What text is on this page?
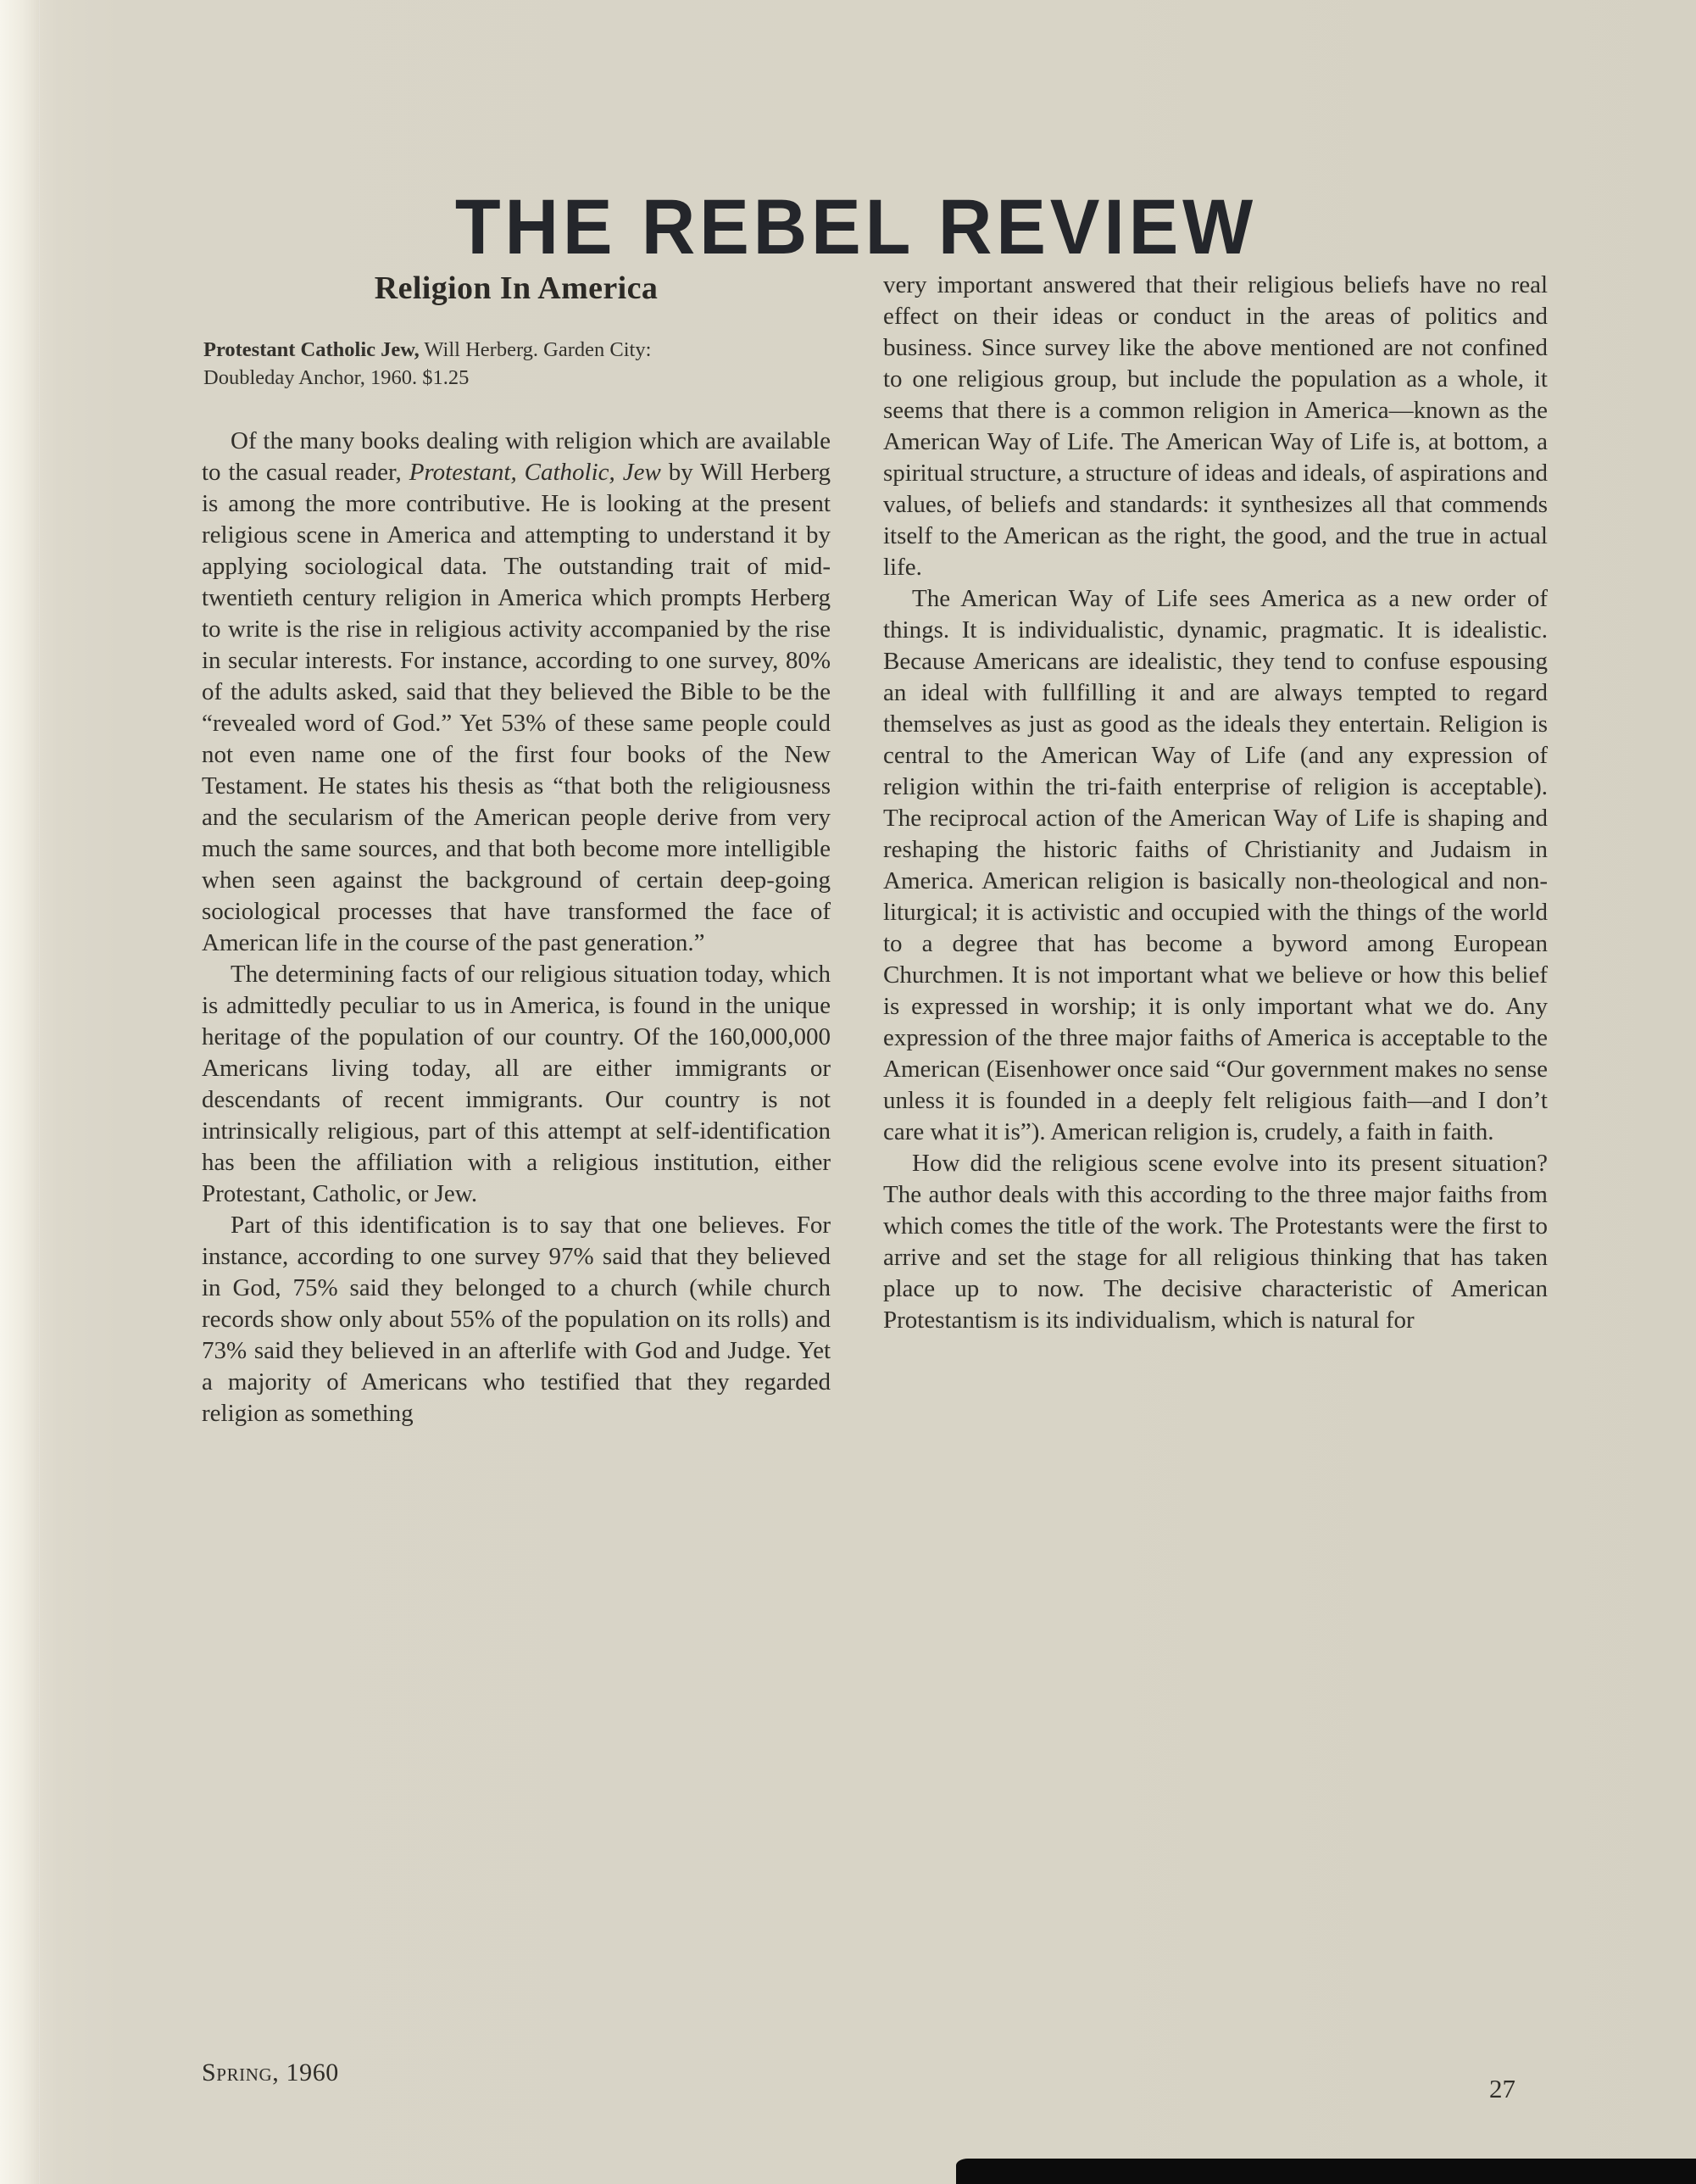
THE REBEL REVIEW
Religion In America
Protestant Catholic Jew, Will Herberg. Garden City:
Doubleday Anchor, 1960. $1.25

Of the many books dealing with religion which are available to the casual reader, Protestant, Catholic, Jew by Will Herberg is among the more contributive. He is looking at the present religious scene in America and attempting to understand it by applying sociological data. The outstanding trait of mid-twentieth century religion in America which prompts Herberg to write is the rise in religious activity accompanied by the rise in secular interests. For instance, according to one survey, 80% of the adults asked, said that they believed the Bible to be the “revealed word of God.” Yet 53% of these same people could not even name one of the first four books of the New Testament. He states his thesis as “that both the religiousness and the secularism of the American people derive from very much the same sources, and that both become more intelligible when seen against the background of certain deep-going sociological processes that have transformed the face of American life in the course of the past generation.”

The determining facts of our religious situation today, which is admittedly peculiar to us in America, is found in the unique heritage of the population of our country. Of the 160,000,000 Americans living today, all are either immigrants or descendants of recent immigrants. Our country is not intrinsically religious, part of this attempt at self-identification has been the affiliation with a religious institution, either Protestant, Catholic, or Jew.

Part of this identification is to say that one believes. For instance, according to one survey 97% said that they believed in God, 75% said they belonged to a church (while church records show only about 55% of the population on its rolls) and 73% said they believed in an afterlife with God and Judge. Yet a majority of Americans who testified that they regarded religion as something

very important answered that their religious beliefs have no real effect on their ideas or conduct in the areas of politics and business. Since survey like the above mentioned are not confined to one religious group, but include the population as a whole, it seems that there is a common religion in America—known as the American Way of Life. The American Way of Life is, at bottom, a spiritual structure, a structure of ideas and ideals, of aspirations and values, of beliefs and standards: it synthesizes all that commends itself to the American as the right, the good, and the true in actual life.

The American Way of Life sees America as a new order of things. It is individualistic, dynamic, pragmatic. It is idealistic. Because Americans are idealistic, they tend to confuse espousing an ideal with fullfilling it and are always tempted to regard themselves as just as good as the ideals they entertain. Religion is central to the American Way of Life (and any expression of religion within the tri-faith enterprise of religion is acceptable). The reciprocal action of the American Way of Life is shaping and reshaping the historic faiths of Christianity and Judaism in America. American religion is basically non-theological and non-liturgical; it is activistic and occupied with the things of the world to a degree that has become a byword among European Churchmen. It is not important what we believe or how this belief is expressed in worship; it is only important what we do. Any expression of the three major faiths of America is acceptable to the American (Eisenhower once said “Our government makes no sense unless it is founded in a deeply felt religious faith—and I don’t care what it is”). American religion is, crudely, a faith in faith.

How did the religious scene evolve into its present situation? The author deals with this according to the three major faiths from which comes the title of the work. The Protestants were the first to arrive and set the stage for all religious thinking that has taken place up to now. The decisive characteristic of American Protestantism is its individualism, which is natural for

Spring, 1960
27
